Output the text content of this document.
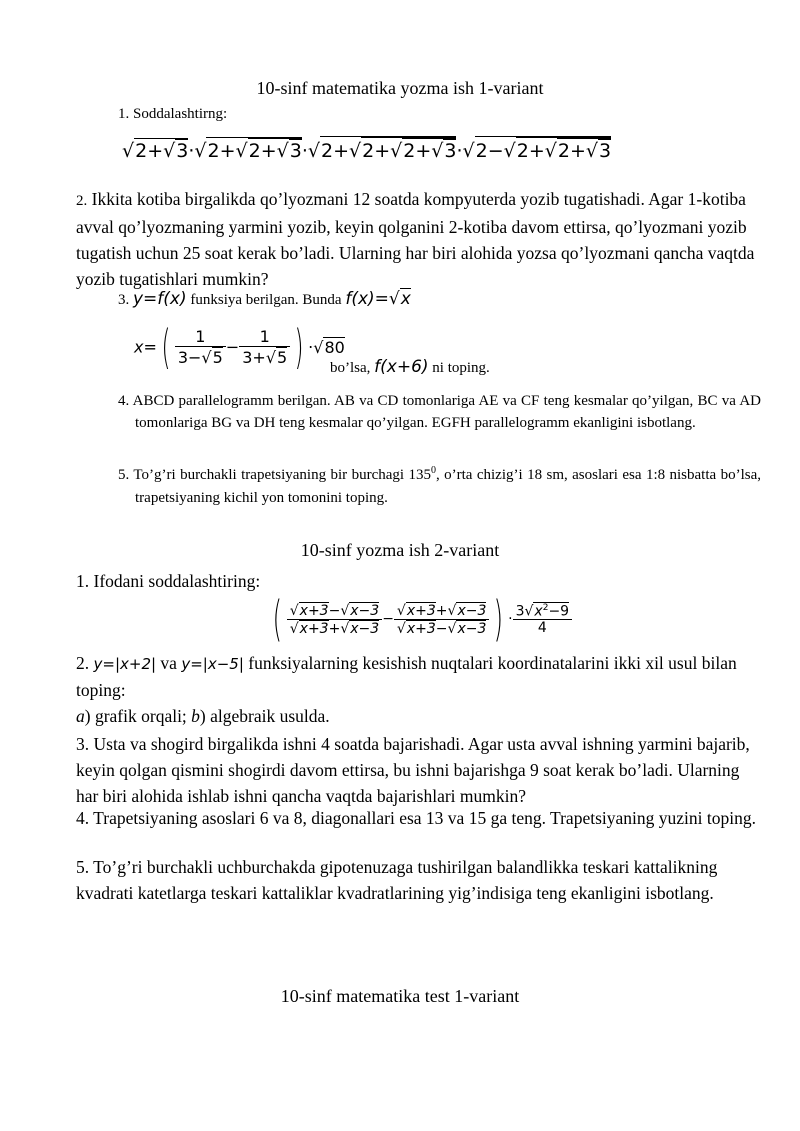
10-sinf matematika yozma ish 1-variant
1. Soddalashtirng:
√2+√3·√2+√2+√3·√2+√2+√2+√3·√2−√2+√2+√3
2. Ikkita kotiba birgalikda qo’lyozmani 12 soatda kompyuterda yozib tugatishadi. Agar 1-kotiba avval qo’lyozmaning yarmini yozib, keyin qolganini 2-kotiba davom ettirsa, qo’lyozmani yozib tugatish uchun 25 soat kerak bo’ladi. Ularning har biri alohida yozsa qo’lyozmani qancha vaqtda yozib tugatishlari mumkin?
3. y=f(x) funksiya berilgan. Bunda f(x)=√x
$x=( \frac{1}{3-√5} - \frac{1}{3+√5}$ ) ·√80
bo’lsa, f(x+6) ni toping.
4. ABCD parallelogramm berilgan. AB va CD tomonlariga AE va CF teng kesmalar qo’yilgan, BC va AD tomonlariga BG va DH teng kesmalar qo’yilgan. EGFH parallelogramm ekanligini isbotlang.
5. To’g’ri burchakli trapetsiyaning bir burchagi $135^0$, o’rta chizig’i 18 sm, asoslari esa 1:8 nisbatta bo’lsa, trapetsiyaning kichil yon tomonini toping.
10-sinf yozma ish 2-variant
1. Ifodani soddalashtiring:
( $\frac{√x+3-√x-3}{√x+3+√x-3} - \frac{√x+3+√x-3}{√x+3-√x-3}$ ) · $\frac{3√x^2-9}{4}$
2. y=|x+2| va y=|x−5| funksiyalarning kesishish nuqtalari koordinatalarini ikki xil usul bilan toping:
a) grafik orqali; b) algebraik usulda.
3. Usta va shogird birgalikda ishni 4 soatda bajarishadi. Agar usta avval ishning yarmini bajarib, keyin qolgan qismini shogirdi davom ettirsa, bu ishni bajarishga 9 soat kerak bo’ladi. Ularning har biri alohida ishlab ishni qancha vaqtda bajarishlari mumkin?
4. Trapetsiyaning asoslari 6 va 8, diagonallari esa 13 va 15 ga teng. Trapetsiyaning yuzini toping.
5. To’g’ri burchakli uchburchakda gipotenuzaga tushirilgan balandlikka teskari kattalikning kvadrati katetlarga teskari kattaliklar kvadratlarining yig’indisiga teng ekanligini isbotlang.
10-sinf matematika test 1-variant
